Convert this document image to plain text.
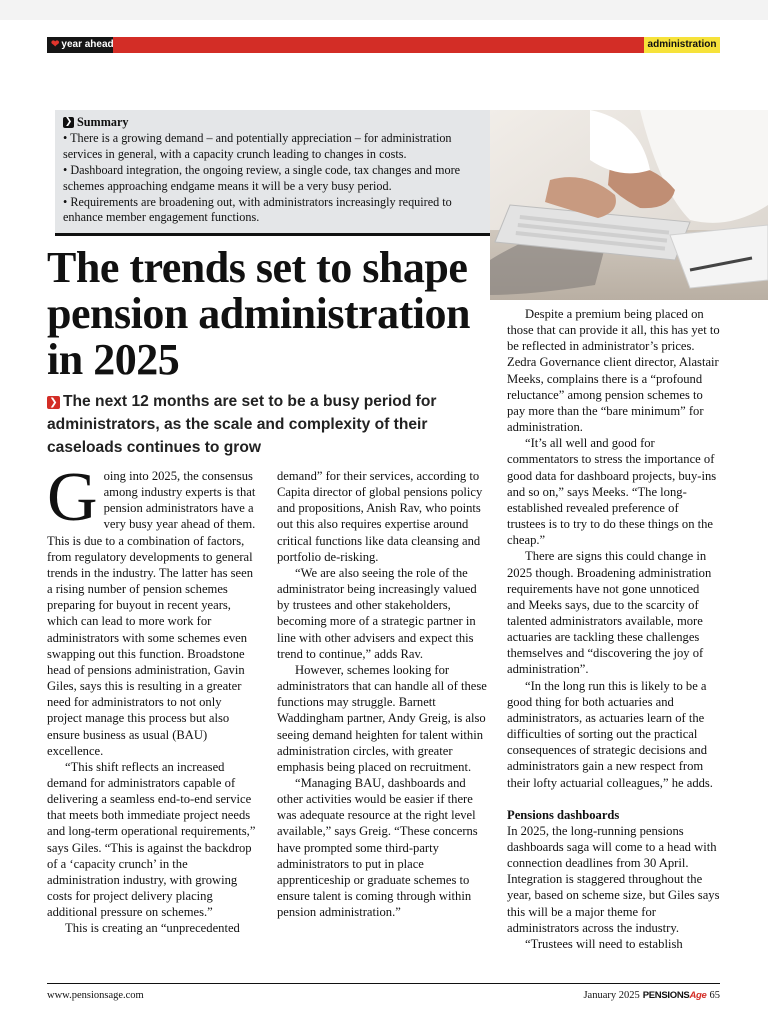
❤ year ahead	administration
❯ Summary

• There is a growing demand – and potentially appreciation – for administration services in general, with a capacity crunch leading to changes in costs.

• Dashboard integration, the ongoing review, a single code, tax changes and more schemes approaching endgame means it will be a very busy period.

• Requirements are broadening out, with administrators increasingly required to enhance member engagement functions.

The trends set to shape pension administration in 2025
❯ The next 12 months are set to be a busy period for administrators, as the scale and complexity of their caseloads continues to grow

Going into 2025, the consensus among industry experts is that pension administrators have a very busy year ahead of them. This is due to a combination of factors, from regulatory developments to general trends in the industry. The latter has seen a rising number of pension schemes preparing for buyout in recent years, which can lead to more work for administrators with some schemes even swapping out this function. Broadstone head of pensions administration, Gavin Giles, says this is resulting in a greater need for administrators to not only project manage this process but also ensure business as usual (BAU) excellence.

“This shift reflects an increased demand for administrators capable of delivering a seamless end-to-end service that meets both immediate project needs and long-term operational requirements,” says Giles. “This is against the backdrop of a ‘capacity crunch’ in the administration industry, with growing costs for project delivery placing additional pressure on schemes.”

This is creating an “unprecedented

demand” for their services, according to Capita director of global pensions policy and propositions, Anish Rav, who points out this also requires expertise around critical functions like data cleansing and portfolio de-risking.

“We are also seeing the role of the administrator being increasingly valued by trustees and other stakeholders, becoming more of a strategic partner in line with other advisers and expect this trend to continue,” adds Rav.

However, schemes looking for administrators that can handle all of these functions may struggle. Barnett Waddingham partner, Andy Greig, is also seeing demand heighten for talent within administration circles, with greater emphasis being placed on recruitment.

“Managing BAU, dashboards and other activities would be easier if there was adequate resource at the right level available,” says Greig. “These concerns have prompted some third-party administrators to put in place apprenticeship or graduate schemes to ensure talent is coming through within pension administration.”

Despite a premium being placed on those that can provide it all, this has yet to be reflected in administrator’s prices. Zedra Governance client director, Alastair Meeks, complains there is a “profound reluctance” among pension schemes to pay more than the “bare minimum” for administration.

“It’s all well and good for commentators to stress the importance of good data for dashboard projects, buy-ins and so on,” says Meeks. “The long-established revealed preference of trustees is to try to do these things on the cheap.”

There are signs this could change in 2025 though. Broadening administration requirements have not gone unnoticed and Meeks says, due to the scarcity of talented administrators available, more actuaries are tackling these challenges themselves and “discovering the joy of administration”.

“In the long run this is likely to be a good thing for both actuaries and administrators, as actuaries learn of the difficulties of sorting out the practical consequences of strategic decisions and administrators gain a new respect from their lofty actuarial colleagues,” he adds.

Pensions dashboards

In 2025, the long-running pensions dashboards saga will come to a head with connection deadlines from 30 April. Integration is staggered throughout the year, based on scheme size, but Giles says this will be a major theme for administrators across the industry.

“Trustees will need to establish

www.pensionsage.com	January 2025 PENSIONSAge 65
